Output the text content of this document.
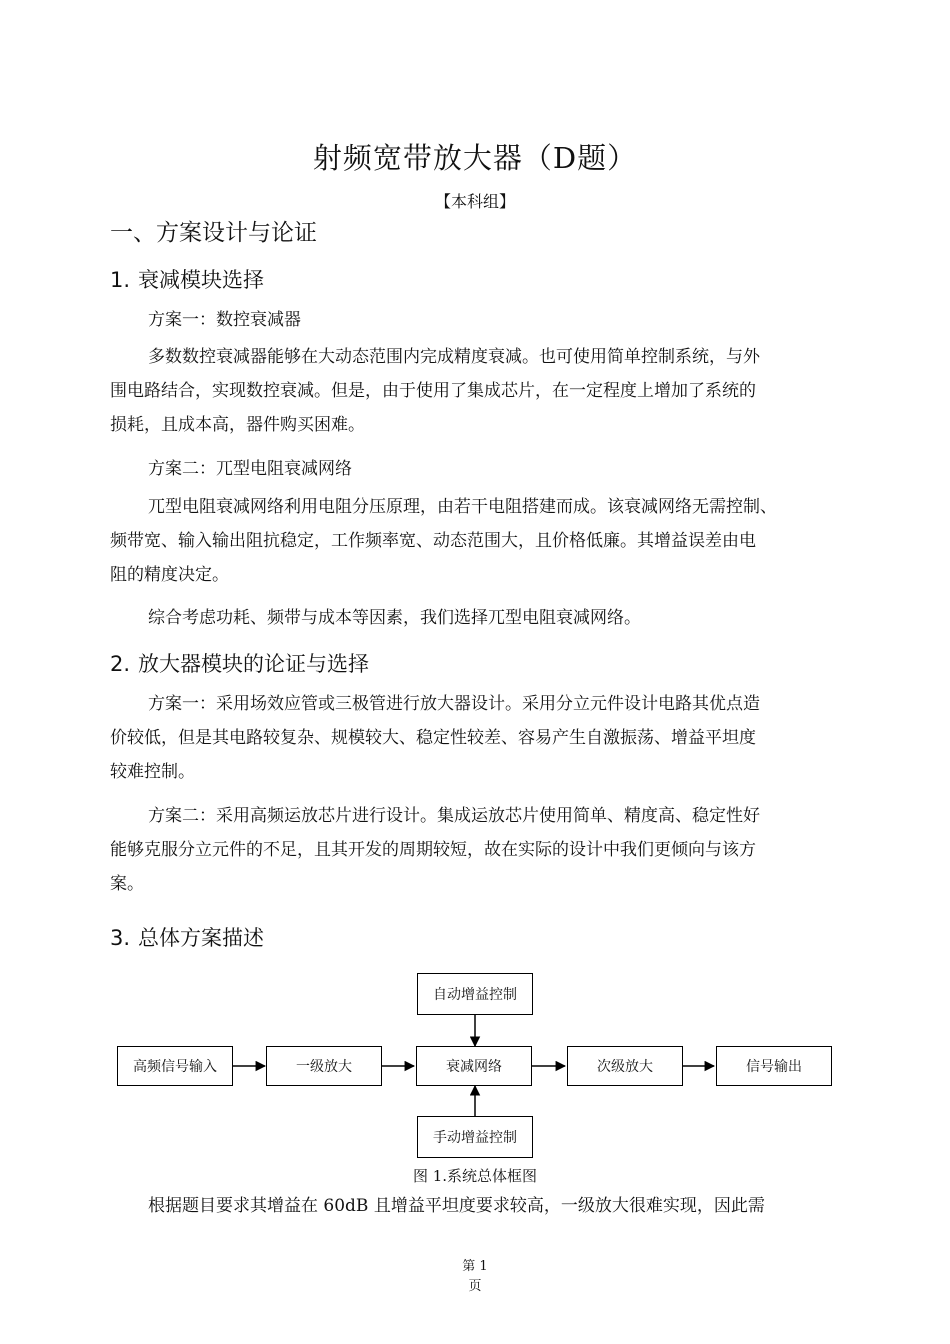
射频宽带放大器（D题）
【本科组】
一、方案设计与论证
1. 衰减模块选择
方案一：数控衰减器
多数数控衰减器能够在大动态范围内完成精度衰减。也可使用简单控制系统，与外
围电路结合，实现数控衰减。但是，由于使用了集成芯片，在一定程度上增加了系统的
损耗，且成本高，器件购买困难。
方案二：兀型电阻衰减网络
兀型电阻衰减网络利用电阻分压原理，由若干电阻搭建而成。该衰减网络无需控制、
频带宽、输入输出阻抗稳定，工作频率宽、动态范围大，且价格低廉。其增益误差由电
阻的精度决定。
综合考虑功耗、频带与成本等因素，我们选择兀型电阻衰减网络。
2. 放大器模块的论证与选择
方案一：采用场效应管或三极管进行放大器设计。采用分立元件设计电路其优点造
价较低，但是其电路较复杂、规模较大、稳定性较差、容易产生自激振荡、增益平坦度
较难控制。
方案二：采用高频运放芯片进行设计。集成运放芯片使用简单、精度高、稳定性好
能够克服分立元件的不足，且其开发的周期较短，故在实际的设计中我们更倾向与该方
案。
3. 总体方案描述
自动增益控制
高频信号输入	一级放大	衰减网络	次级放大	信号输出
手动增益控制
图 1.系统总体框图
根据题目要求其增益在 60dB 且增益平坦度要求较高，一级放大很难实现，因此需
第 1
页
